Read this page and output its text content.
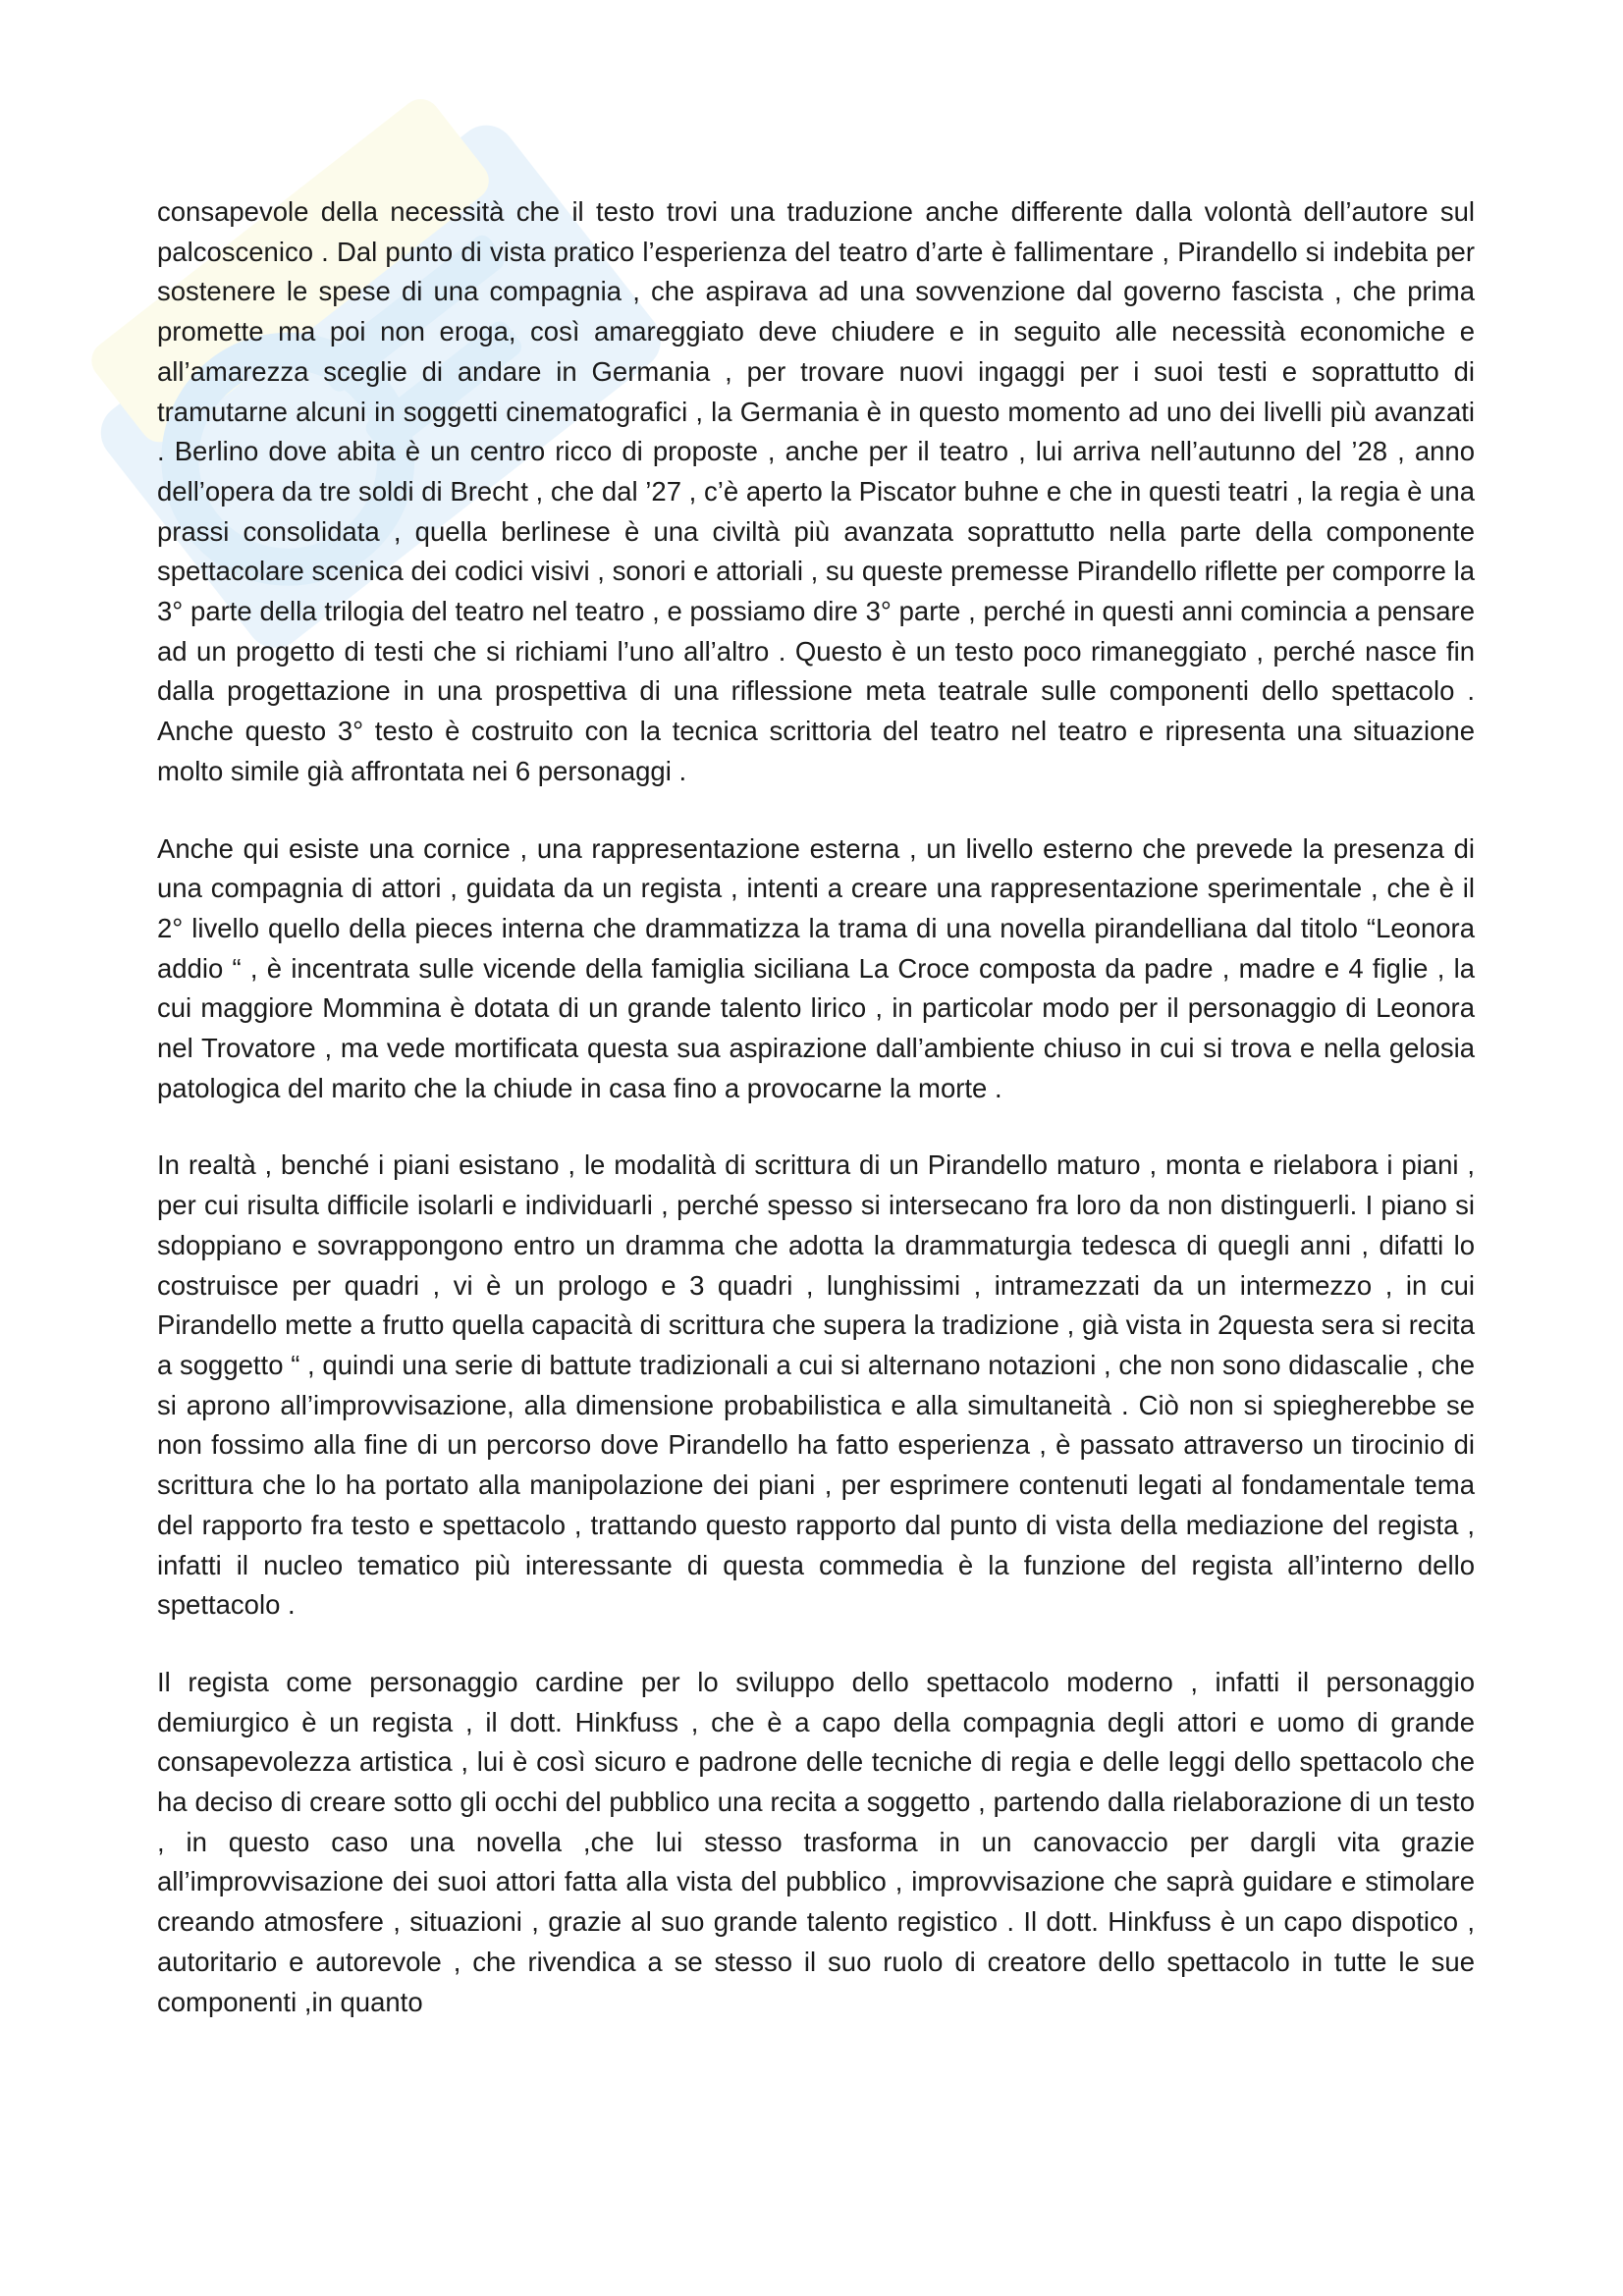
consapevole della necessità che il testo trovi una traduzione anche differente dalla volontà dell’autore sul palcoscenico . Dal punto di vista pratico l’esperienza del teatro d’arte è fallimentare , Pirandello si indebita per sostenere le spese di una compagnia , che aspirava ad una sovvenzione dal governo fascista , che prima promette ma poi non eroga, così amareggiato deve chiudere e in seguito alle necessità economiche e all’amarezza sceglie di andare in Germania , per trovare nuovi ingaggi per i suoi testi e soprattutto di tramutarne alcuni in soggetti cinematografici , la Germania è in questo momento ad uno dei livelli più avanzati . Berlino dove abita è un centro ricco di proposte , anche per il teatro , lui arriva nell’autunno del ’28 , anno dell’opera da tre soldi di Brecht , che dal ’27 , c’è aperto la Piscator buhne e che in questi teatri , la regia è una prassi consolidata , quella berlinese è una civiltà più avanzata soprattutto nella parte della componente spettacolare scenica dei codici visivi , sonori e attoriali , su queste premesse Pirandello riflette per comporre la 3° parte della trilogia del teatro nel teatro , e possiamo dire 3° parte , perché in questi anni comincia a pensare ad un progetto di testi che si richiami l’uno all’altro . Questo è un testo poco rimaneggiato , perché nasce fin dalla progettazione in una prospettiva di una riflessione meta teatrale sulle componenti dello spettacolo . Anche questo 3° testo è costruito con la tecnica scrittoria del teatro nel teatro e ripresenta una situazione molto simile già affrontata nei 6 personaggi .

Anche qui esiste una cornice , una rappresentazione esterna , un livello esterno che prevede la presenza di una compagnia di attori , guidata da un regista , intenti a creare una rappresentazione sperimentale , che è il 2° livello quello della pieces interna che drammatizza la trama di una novella pirandelliana dal titolo “Leonora addio “ , è incentrata sulle vicende della famiglia siciliana La Croce composta da padre , madre e 4 figlie , la cui maggiore Mommina è dotata di un grande talento lirico , in particolar modo per il personaggio di Leonora nel Trovatore , ma vede mortificata questa sua aspirazione dall’ambiente chiuso in cui si trova e nella gelosia patologica del marito che la chiude in casa fino a provocarne la morte .

In realtà , benché i piani esistano , le modalità di scrittura di un Pirandello maturo , monta e rielabora i piani , per cui risulta difficile isolarli e individuarli , perché spesso si intersecano fra loro da non distinguerli. I piano si sdoppiano e sovrappongono entro un dramma che adotta la drammaturgia tedesca di quegli anni , difatti lo costruisce per quadri , vi è un prologo e 3 quadri , lunghissimi , intramezzati da un intermezzo , in cui Pirandello mette a frutto quella capacità di scrittura che supera la tradizione , già vista in 2questa sera si recita a soggetto “ , quindi una serie di battute tradizionali a cui si alternano notazioni , che non sono didascalie , che si aprono all’improvvisazione, alla dimensione probabilistica e alla simultaneità . Ciò non si spiegherebbe se non fossimo alla fine di un percorso dove Pirandello ha fatto esperienza , è passato attraverso un tirocinio di scrittura che lo ha portato alla manipolazione dei piani , per esprimere contenuti legati al fondamentale tema del rapporto fra testo e spettacolo , trattando questo rapporto dal punto di vista della mediazione del regista , infatti il nucleo tematico più interessante di questa commedia è la funzione del regista all’interno dello spettacolo .

Il regista come personaggio cardine per lo sviluppo dello spettacolo moderno , infatti il personaggio demiurgico è un regista , il dott. Hinkfuss , che è a capo della compagnia degli attori e uomo di grande consapevolezza artistica , lui è così sicuro e padrone delle tecniche di regia e delle leggi dello spettacolo che ha deciso di creare sotto gli occhi del pubblico una recita a soggetto , partendo dalla rielaborazione di un testo , in questo caso una novella ,che lui stesso trasforma in un canovaccio per dargli vita grazie all’improvvisazione dei suoi attori fatta alla vista del pubblico , improvvisazione che saprà guidare e stimolare creando atmosfere , situazioni , grazie al suo grande talento registico . Il dott. Hinkfuss è un capo dispotico , autoritario e autorevole , che rivendica a se stesso il suo ruolo di creatore dello spettacolo in tutte le sue componenti ,in quanto
